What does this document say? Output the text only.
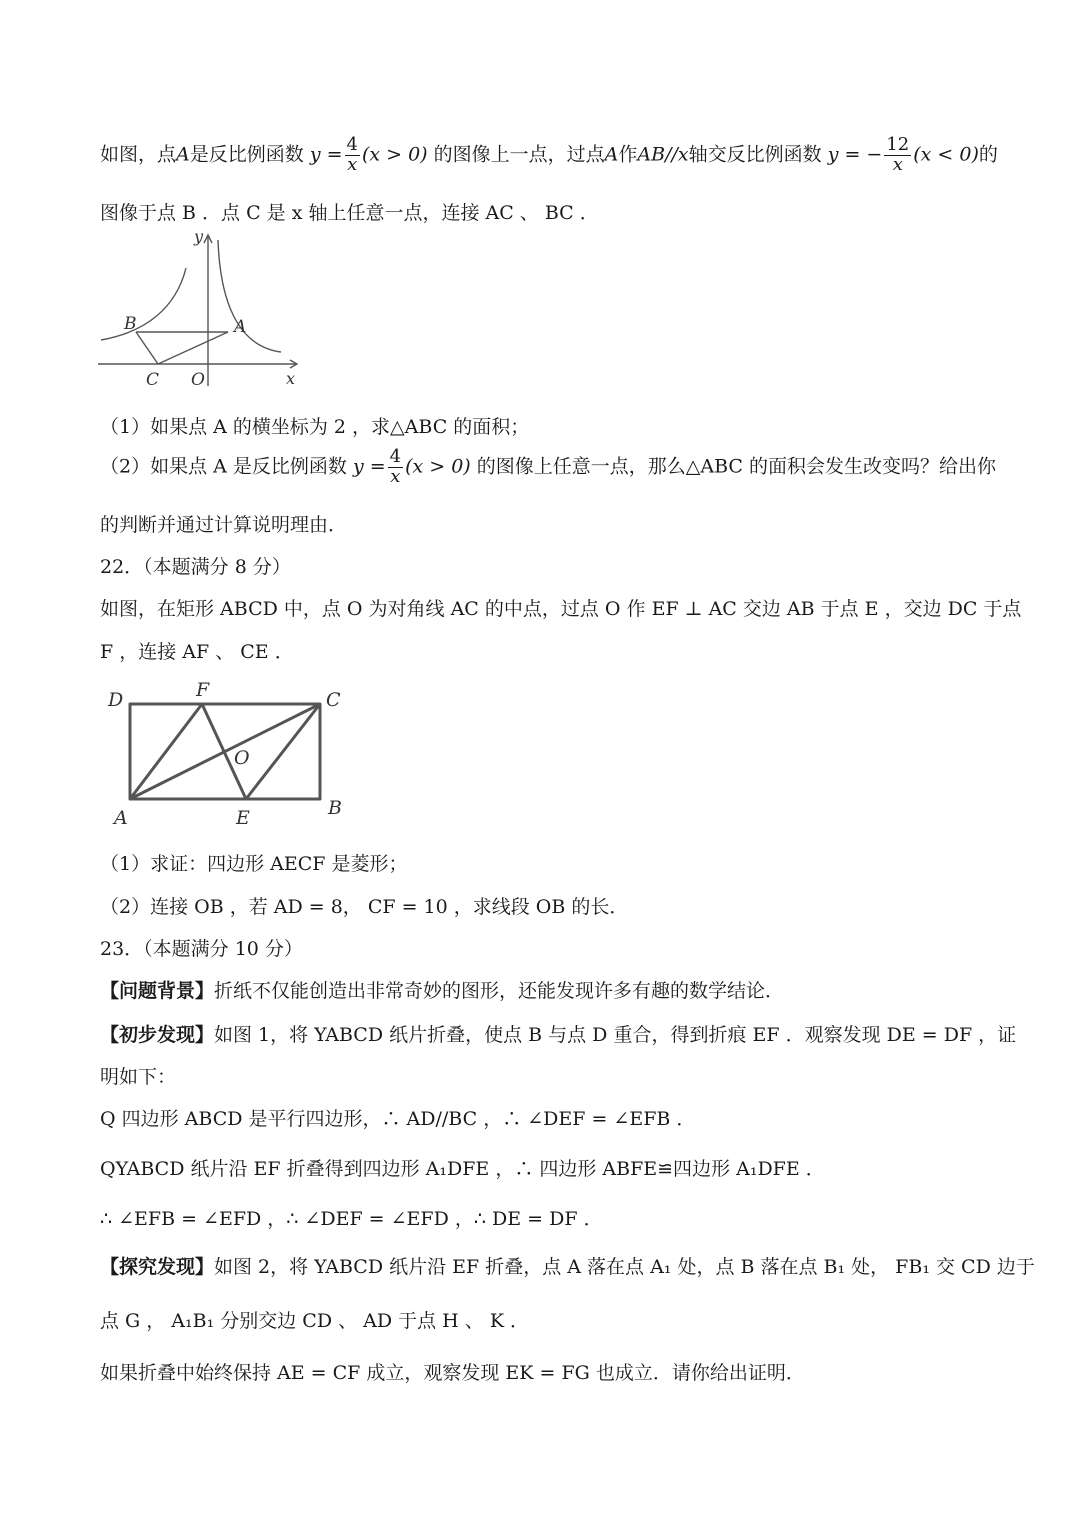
如图，点A是反比例函数 $y = \frac{4}{x} (x > 0)$ 的图像上一点，过点A作AB//x轴交反比例函数 y = − $\frac{12}{x} (x < 0)$的
图像于点 B ．点 C 是 x 轴上任意一点，连接 AC 、 BC ．
y
x
A
B
C O
（1）如果点 A 的横坐标为 2 ，求△ABC 的面积；
（2）如果点 A 是反比例函数 $y = \frac{4}{x} (x > 0)$ 的图像上任意一点，那么△ABC 的面积会发生改变吗？给出你
的判断并通过计算说明理由．
22．（本题满分 8 分）
如图，在矩形 ABCD 中，点 O 为对角线 AC 的中点，过点 O 作 EF ⊥ AC 交边 AB 于点 E ，交边 DC 于点
F ，连接 AF 、 CE ．
D	F	C
O
A	E	B
（1）求证：四边形 AECF 是菱形；
（2）连接 OB ，若 AD = 8， CF = 10 ，求线段 OB 的长．
23．（本题满分 10 分）
【问题背景】折纸不仅能创造出非常奇妙的图形，还能发现许多有趣的数学结论．
【初步发现】如图 1，将 YABCD 纸片折叠，使点 B 与点 D 重合，得到折痕 EF ．观察发现 DE = DF ，证
明如下：
Q 四边形 ABCD 是平行四边形，∴ AD//BC ，∴ ∠DEF = ∠EFB ．
QYABCD 纸片沿 EF 折叠得到四边形 A₁DFE ，∴ 四边形 ABFE≌四边形 A₁DFE ．
∴ ∠EFB = ∠EFD ，∴ ∠DEF = ∠EFD ，∴ DE = DF ．
【探究发现】如图 2，将 YABCD 纸片沿 EF 折叠，点 A 落在点 A₁ 处，点 B 落在点 B₁ 处， FB₁ 交 CD 边于
点 G ， A₁B₁ 分别交边 CD 、 AD 于点 H 、 K ．
如果折叠中始终保持 AE = CF 成立，观察发现 EK = FG 也成立．请你给出证明．
